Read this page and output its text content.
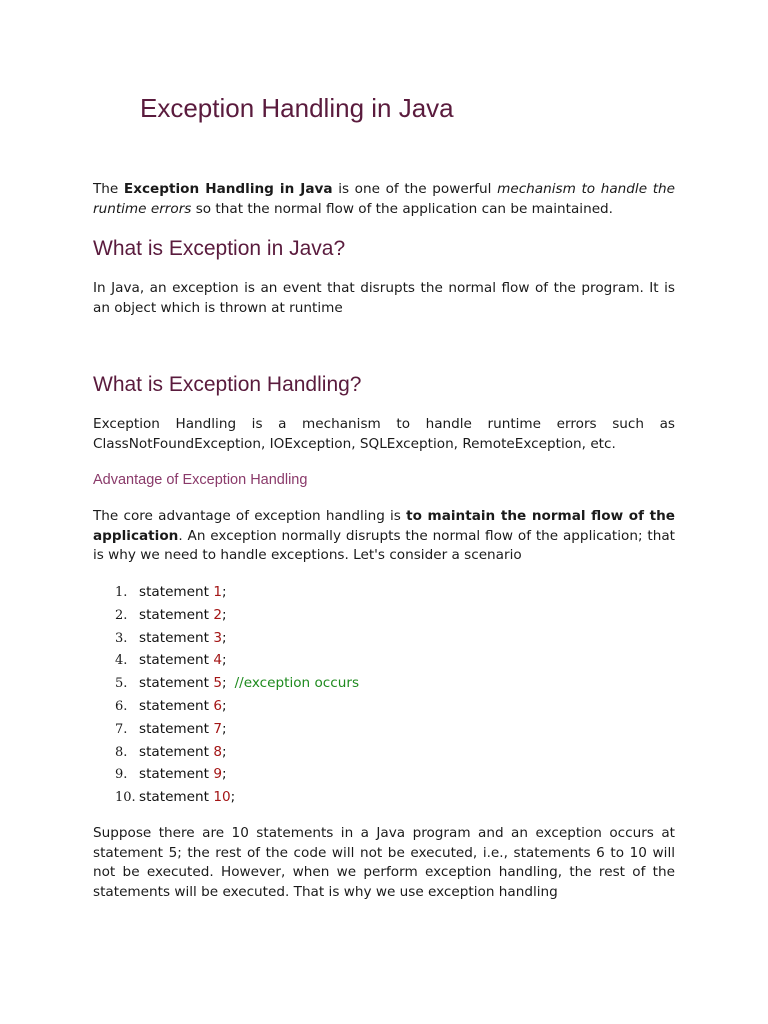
Exception Handling in Java

The Exception Handling in Java is one of the powerful mechanism to handle the runtime errors so that the normal flow of the application can be maintained.

What is Exception in Java?

In Java, an exception is an event that disrupts the normal flow of the program. It is an object which is thrown at runtime

What is Exception Handling?

Exception Handling is a mechanism to handle runtime errors such as ClassNotFoundException, IOException, SQLException, RemoteException, etc.

Advantage of Exception Handling

The core advantage of exception handling is to maintain the normal flow of the application. An exception normally disrupts the normal flow of the application; that is why we need to handle exceptions. Let's consider a scenario

1. statement 1;
2. statement 2;
3. statement 3;
4. statement 4;
5. statement 5; //exception occurs
6. statement 6;
7. statement 7;
8. statement 8;
9. statement 9;
10. statement 10;

Suppose there are 10 statements in a Java program and an exception occurs at statement 5; the rest of the code will not be executed, i.e., statements 6 to 10 will not be executed. However, when we perform exception handling, the rest of the statements will be executed. That is why we use exception handling
